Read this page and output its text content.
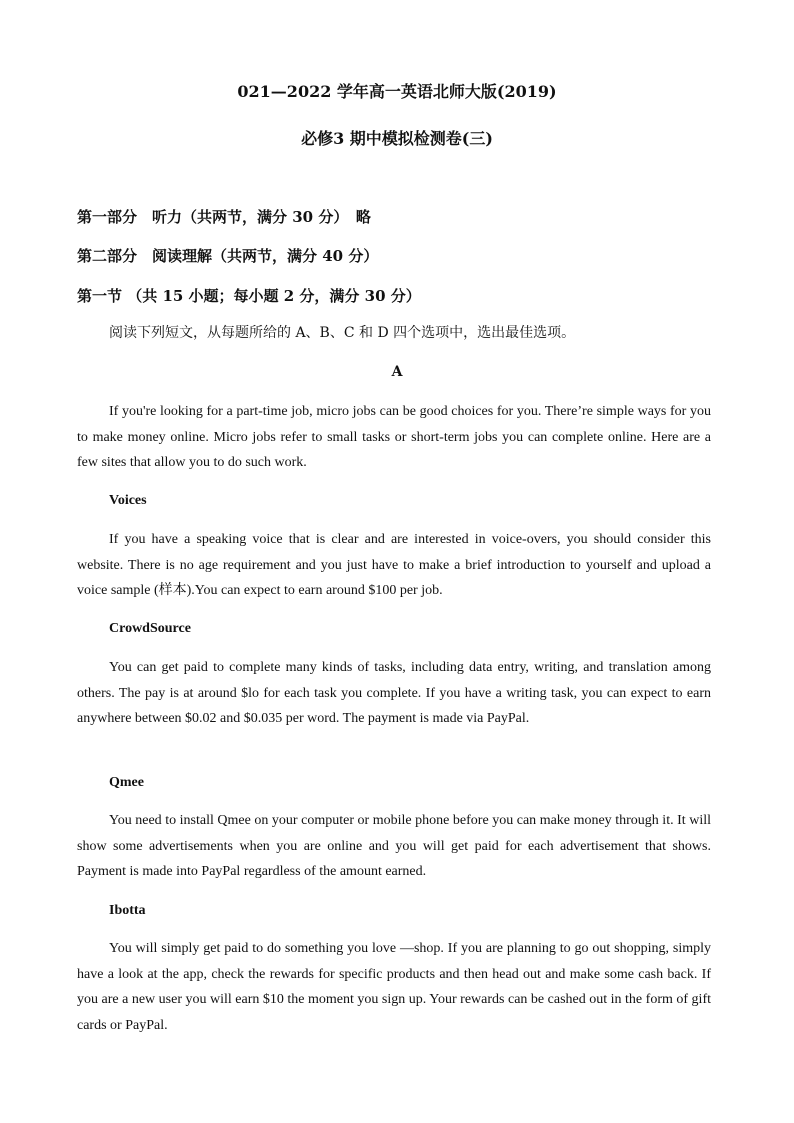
021—2022 学年高一英语北师大版(2019)
必修3 期中模拟检测卷(三)
第一部分　听力（共两节，满分 30 分）　略
第二部分　阅读理解（共两节，满分 40 分）
第一节 （共 15 小题；每小题 2 分，满分 30 分）
阅读下列短文，从每题所给的 A、B、C 和 D 四个选项中，选出最佳选项。
A

If you're looking for a part-time job, micro jobs can be good choices for you. There’re simple ways for you to make money online. Micro jobs refer to small tasks or short-term jobs you can complete online. Here are a few sites that allow you to do such work.

Voices

If you have a speaking voice that is clear and are interested in voice-overs, you should consider this website. There is no age requirement and you just have to make a brief introduction to yourself and upload a voice sample (样本).You can expect to earn around $100 per job.

CrowdSource

You can get paid to complete many kinds of tasks, including data entry, writing, and translation among others. The pay is at around $lo for each task you complete. If you have a writing task, you can expect to earn anywhere between $0.02 and $0.035 per word. The payment is made via PayPal.

Qmee

You need to install Qmee on your computer or mobile phone before you can make money through it. It will show some advertisements when you are online and you will get paid for each advertisement that shows. Payment is made into PayPal regardless of the amount earned.

Ibotta

You will simply get paid to do something you love —shop. If you are planning to go out shopping, simply have a look at the app, check the rewards for specific products and then head out and make some cash back. If you are a new user you will earn $10 the moment you sign up. Your rewards can be cashed out in the form of gift cards or PayPal.
